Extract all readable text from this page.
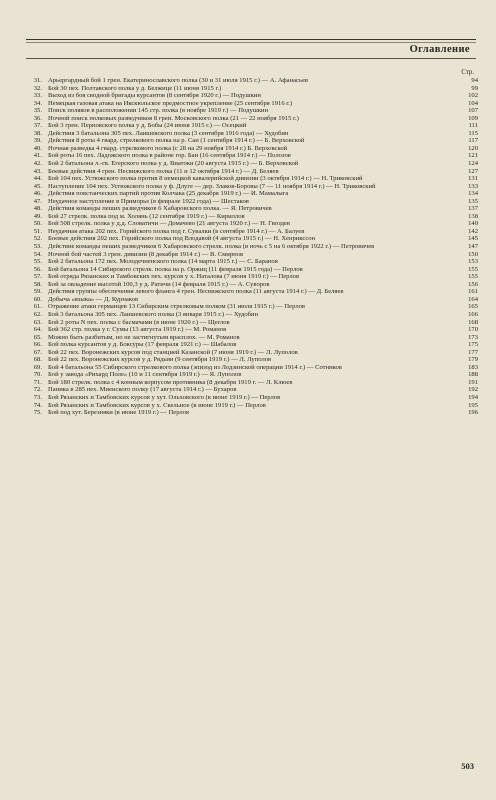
Оглавление
Стр.
31. Арьергардный бой 1 грен. Екатеринославского полка (30 и 31 июля 1915 г.) — А. Афанасьев	94
32. Бой 30 пех. Полтавского полка у д. Белжице (11 июня 1915 г.)	99
33. Выход из боя сводной бригады курсантов (8 сентября 1920 г.) — Подушкин	102
34. Немецкая газовая атака на Икскюльское предмостное укрепление (25 сентября 1916 г.)	104
35. Поиск поляков в расположении 145 стр. полка (в ноябре 1919 г.) — Подушкин	107
36. Ночной поиск полковых разведчиков 8 грен. Московского полка (21 — 22 ноября 1915 г.)	109
37. Бой 3 грен. Перновского полка у д. Бобы (24 июня 1915 г.) — Осецкий	111
38. Действия 3 батальона 305 пех. Лаишевского полка (3 сентября 1916 года) — Худобин	115
39. Действия 8 роты 4 гвард. стрелкового полка на р. Сан (1 сентября 1914 г.) — Б. Верховской	117
40. Ночная разведка 4 гвард. стрелкового полка (с 28 на 29 ноября 1914 г.) Б. Верховской	120
41. Бой роты 16 пех. Ладожского полка в районе гор. Баи (16 сентября 1914 г.) — Полозов	121
42. Бой 2 батальона л.-гв. Егерского полка у д. Виатоки (20 августа 1915 г.) — Б. Верховской	124
43. Боевые действия 4 грен. Несвижского полка (11 и 12 октября 1914 г.) — Д. Беляев	127
44. Бой 104 пех. Устюжского полка против 8 немецкой кавалерийской дивизии (3 октября 1914 г.) — Н. Триковский	131
45. Наступление 104 пех. Устюжского полка у ф. Длуге — дер. Злаков-Боровы (7 — 11 ноября 1914 г.) — Н. Триковский	133
46. Действия повстанческих партий против Колчака (25 декабря 1919 г.) — И. Мамалыга	134
47. Неудачное наступление в Приморье (в феврале 1922 года) — Шестаков	135
48. Действия команды пеших разведчиков 6 Хабаровского полка. — Я. Петровичев	137
49. Бой 27 стрелк. полка под м. Холянь (12 сентября 1919 г.) — Кириллов	138
50. Бой 508 стрелк. полка у д.д. Словатичи — Домачево (21 августа 1920 г.) — Н. Гвоздев	140
51. Неудачная атака 202 пех. Горийского полка под г. Сувалки (в сентябре 1914 г.) — А. Балуев	142
52. Боевые действия 202 пех. Горийского полка под Влодавой (4 августа 1915 г.) — Н. Хенрикссон	145
53. Действие команды пеших разведчиков 6 Хабаровского стрелк. полка (в ночь с 5 на 6 октября 1922 г.) — Петровичев	147
54. Ночной бой частей 3 грен. дивизии (8 декабря 1914 г.) — В. Смирнов	150
55. Бой 2 батальона 172 пех. Молодечненского полка (14 марта 1915 г.) — С. Баранов	153
56. Бой батальона 14 Сибирского стрелк. полка на р. Оржиц (11 февраля 1915 года) — Перлов	155
57. Бой отряда Рязанских и Тамбовских пех. курсов у х. Наталова (7 июня 1919 г.) — Перлов	155
58. Бой за овладение высотой 100,3 у д. Ратичи (14 февраля 1915 г.) — А. Суворов	156
59. Действия группы обеспечения левого фланга 4 грен. Несвижского полка (11 августа 1914 г.) — Д. Беляев	161
60. Добыча «языка» — Д. Курнаков	164
61. Отражение атаки германцев 13 Сибирским стрелковым полком (31 июля 1915 г.) — Перлов	165
62. Бой 3 батальона 305 пех. Лаишевского полка (3 января 1915 г.) — Худобин	166
63. Бой 2 роты N пех. полка с басмачами (в июне 1920 г.) — Щеглов	168
64. Бой 362 стр. полка у г. Сумы (13 августа 1919 г.) — М. Романов	170
65. Можно быть разбитым, но не застигнутым врасплох. — М. Романов	173
66. Бой полка курсантов у д. Боксуры (17 февраля 1921 г.) — Шабалов	175
67. Бой 22 пех. Воронежских курсов под станцией Казанской (7 июня 1919 г.) — Л. Луполов	177
68. Бой 22 пех. Воронежских курсов у д. Рядьин (9 сентября 1919 г.) — Л. Луполов	179
69. Бой 4 батальона 55 Сибирского стрелкового полка (эпизод из Лодзинской операции 1914 г.) — Сотников	183
70. Бой у завода «Рихард Поле» (10 и 11 сентября 1919 г.) — Я. Луполов	188
71. Бой 180 стрелк. полка с 4 конным корпусом противника (8 декабря 1919 г. — Л. Клюев	191
72. Паника в 285 пех. Миенского полку (17 августа 1914 г.) — Бухаров	192
73. Бой Рязанских и Тамбовских курсов у хут. Ольховского (в июне 1919 г.) — Перлов	194
74. Бой Рязанских и Тамбовских курсов у х. Скельное (в июне 1919 г.) — Перлов	195
75. Бой под хут. Березняки (в июне 1919 г.) — Перлов	196
503
